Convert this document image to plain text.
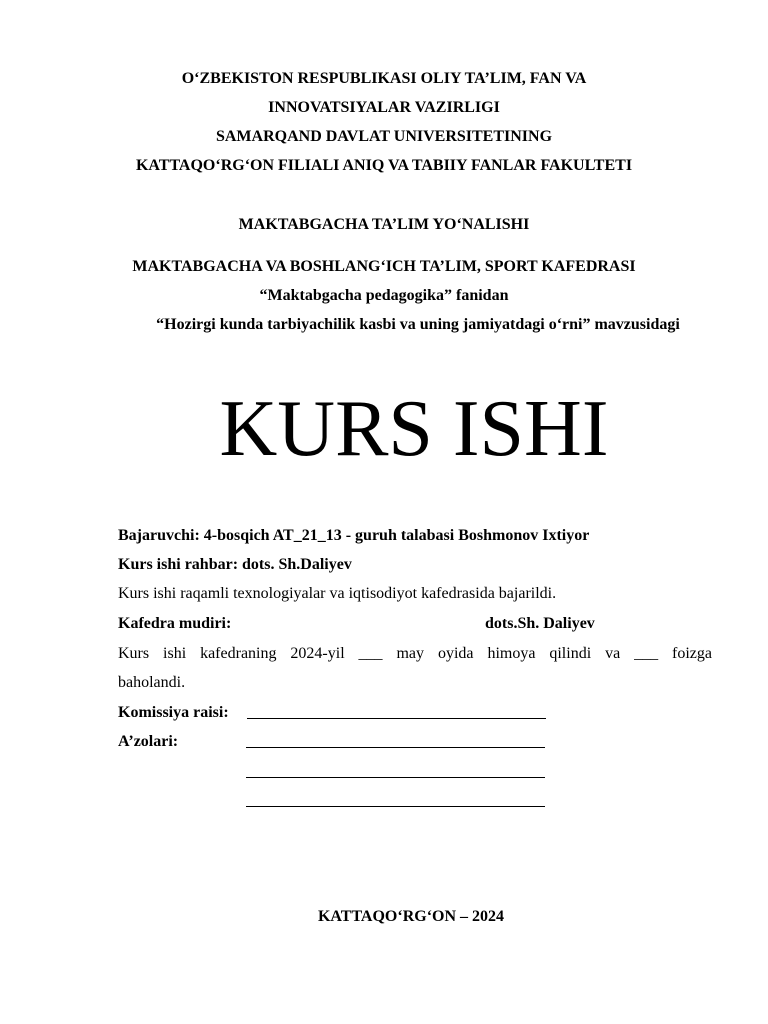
O‘ZBEKISTON RESPUBLIKASI OLIY TA’LIM, FAN VA
INNOVATSIYALAR VAZIRLIGI
SAMARQAND DAVLAT UNIVERSITETINING
KATTAQO‘RG‘ON FILIALI ANIQ VA TABIIY FANLAR FAKULTETI
MAKTABGACHA TA’LIM YO‘NALISHI
MAKTABGACHA VA BOSHLANG‘ICH TA’LIM, SPORT KAFEDRASI
“Maktabgacha pedagogika” fanidan
“Hozirgi kunda tarbiyachilik kasbi va uning jamiyatdagi o‘rni” mavzusidagi
KURS ISHI
Bajaruvchi: 4-bosqich AT_21_13 - guruh talabasi Boshmonov Ixtiyor
Kurs ishi rahbar: dots. Sh.Daliyev
Kurs ishi raqamli texnologiyalar va iqtisodiyot kafedrasida bajarildi.
Kafedra mudiri:	dots.Sh. Daliyev
Kurs ishi kafedraning 2024-yil ___ may oyida himoya qilindi va ___ foizga
baholandi.
Komissiya raisi:
A’zolari:
KATTAQO‘RG‘ON – 2024
